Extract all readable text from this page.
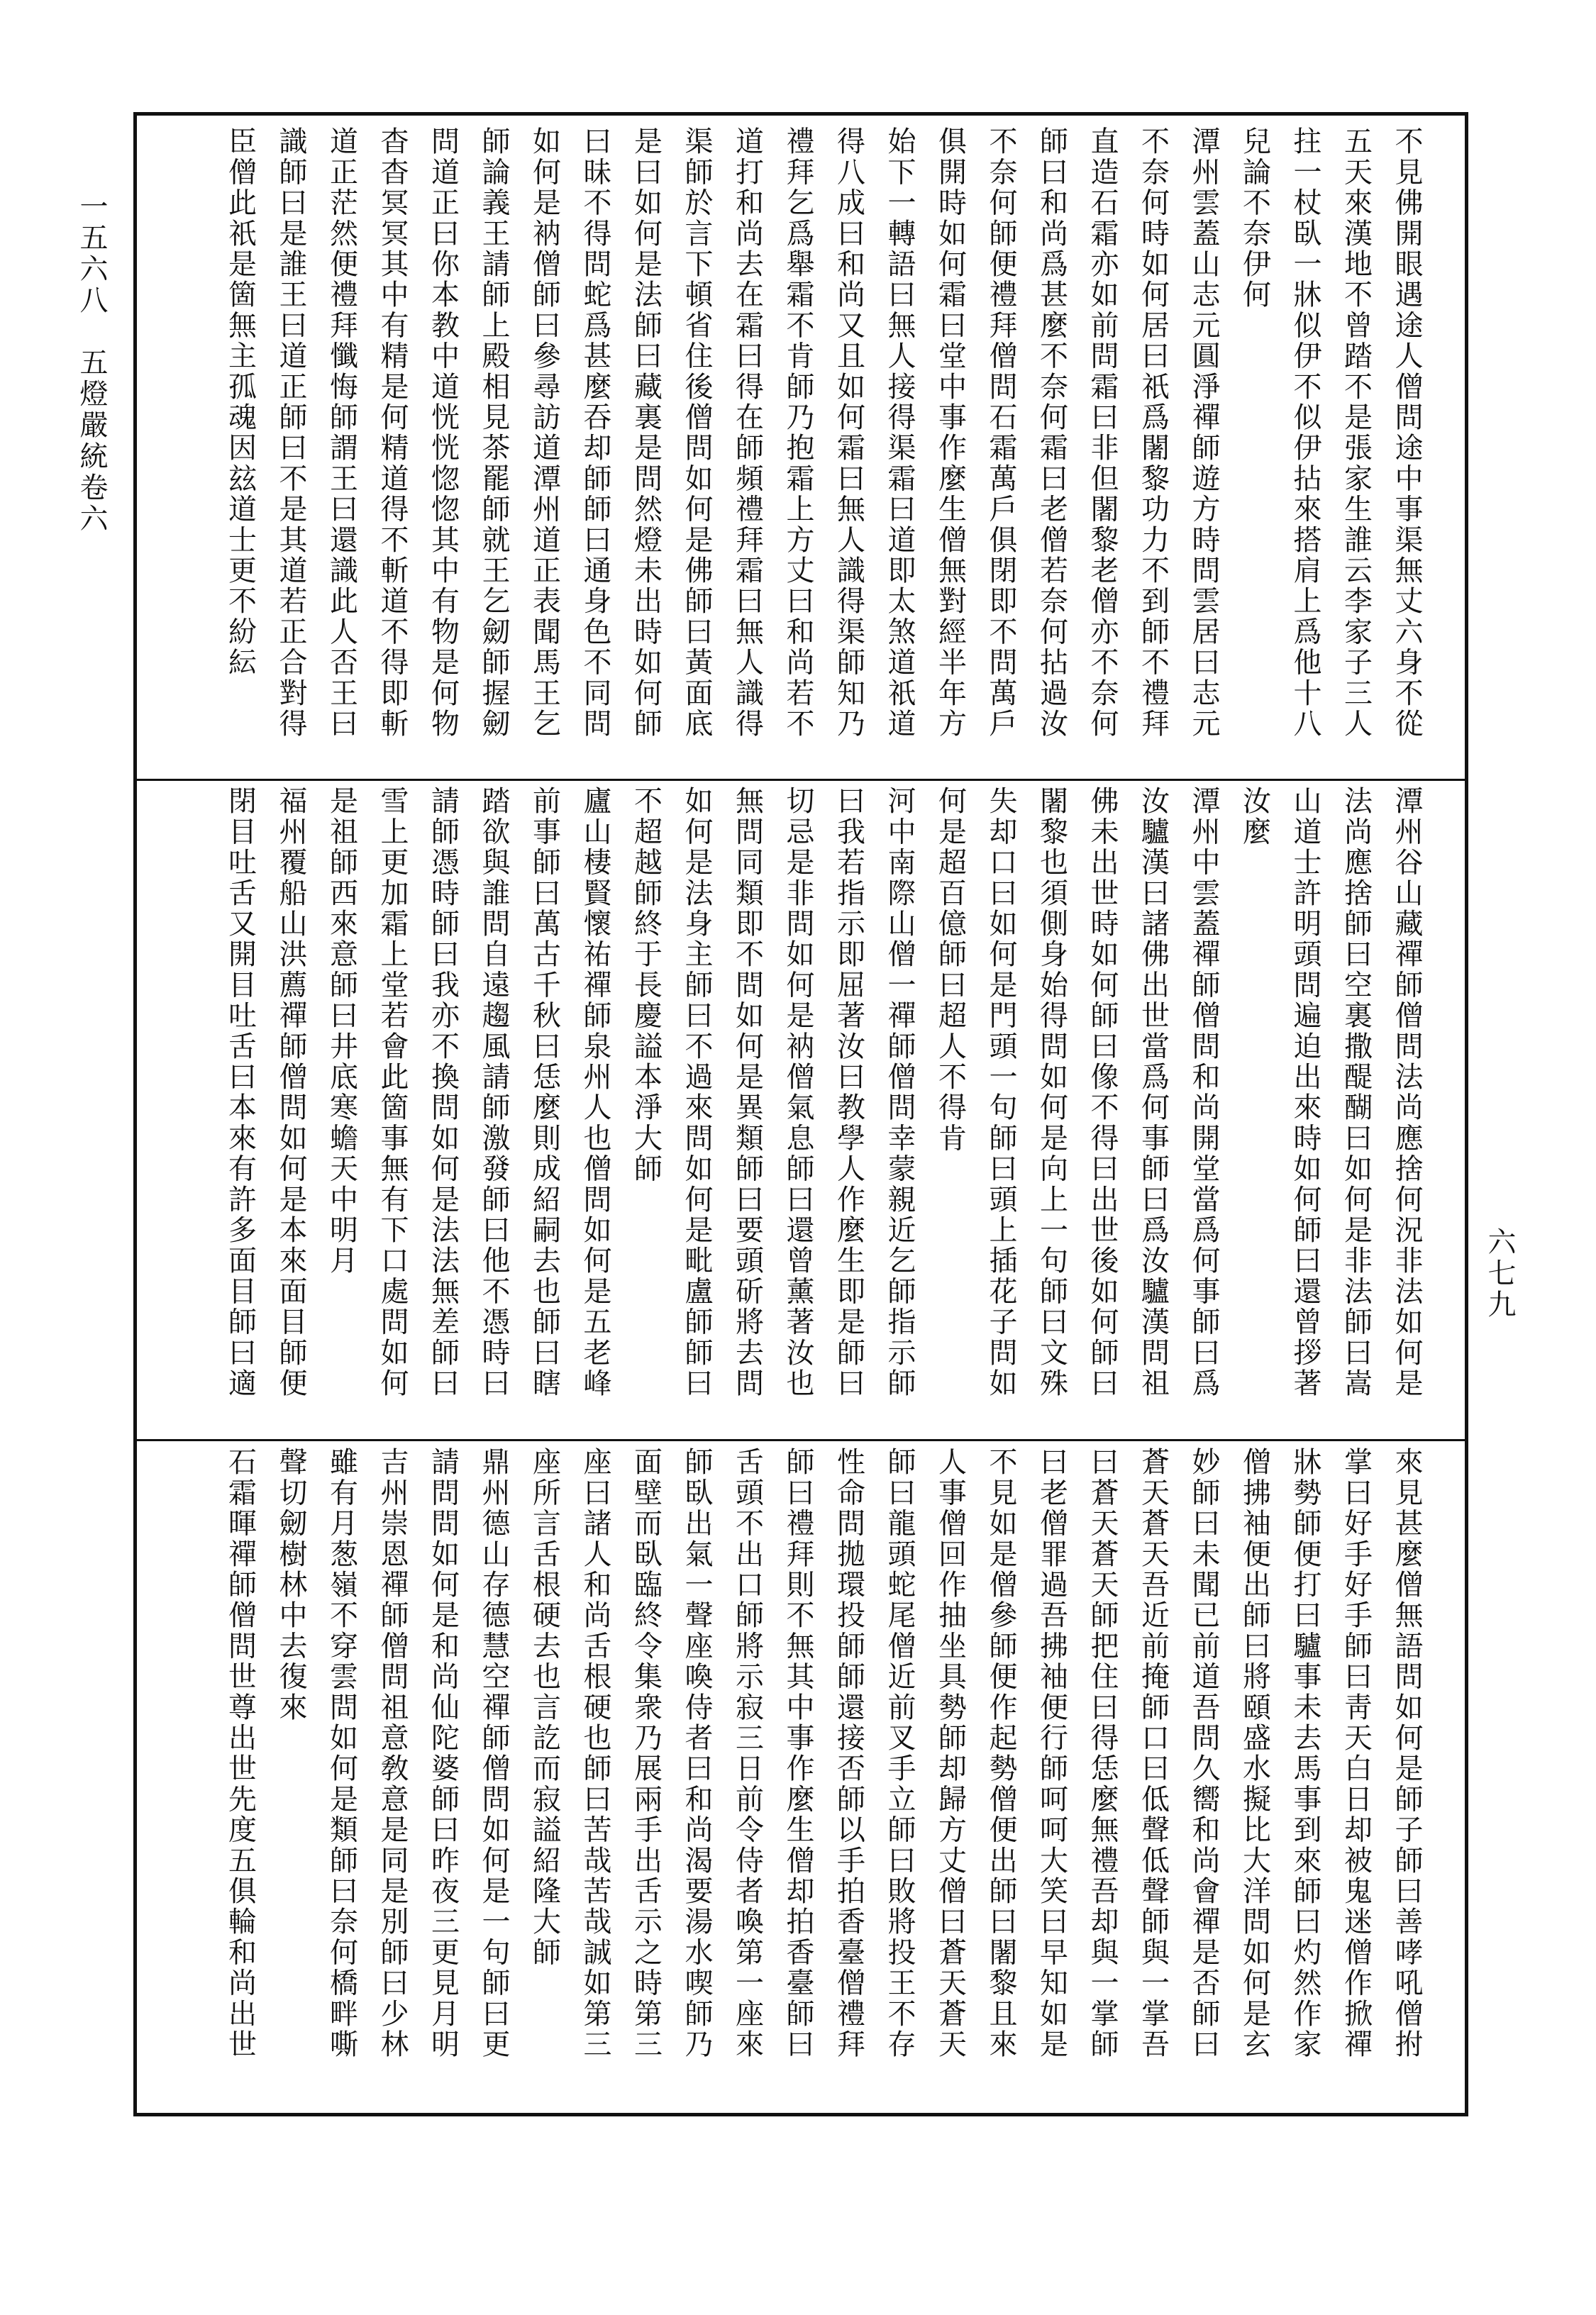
一五六八　五燈嚴統卷六
六七九
不見佛開眼遇途人僧問途中事渠無丈六身不從
五天來漢地不曾踏不是張家生誰云李家子三人
拄一杖臥一牀似伊不似伊拈來搭肩上爲他十八
兒論不奈伊何
潭州雲蓋山志元圓淨禪師遊方時問雲居曰志元
不奈何時如何居曰祇爲闍黎功力不到師不禮拜
直造石霜亦如前問霜曰非但闍黎老僧亦不奈何
師曰和尚爲甚麼不奈何霜曰老僧若奈何拈過汝
不奈何師便禮拜僧問石霜萬戶俱閉即不問萬戶
俱開時如何霜曰堂中事作麼生僧無對經半年方
始下一轉語曰無人接得渠霜曰道即太煞道祇道
得八成曰和尚又且如何霜曰無人識得渠師知乃
禮拜乞爲舉霜不肯師乃抱霜上方丈曰和尚若不
道打和尚去在霜曰得在師頻禮拜霜曰無人識得
渠師於言下頓省住後僧問如何是佛師曰黃面底
是曰如何是法師曰藏裏是問然燈未出時如何師
曰昧不得問蛇爲甚麼吞却師師曰通身色不同問
如何是衲僧師曰參尋訪道潭州道正表聞馬王乞
師論義王請師上殿相見茶罷師就王乞劒師握劒
問道正曰你本教中道恍恍惚惚其中有物是何物
杳杳冥冥其中有精是何精道得不斬道不得即斬
道正茫然便禮拜懺悔師謂王曰還識此人否王曰
識師曰是誰王曰道正師曰不是其道若正合對得
臣僧此祇是箇無主孤魂因玆道士更不紛紜
潭州谷山藏禪師僧問法尚應捨何況非法如何是
法尚應捨師曰空裏撒醍醐曰如何是非法師曰嵩
山道士許明頭問遍迫出來時如何師曰還曾拶著
汝麼
潭州中雲蓋禪師僧問和尚開堂當爲何事師曰爲
汝驢漢曰諸佛出世當爲何事師曰爲汝驢漢問祖
佛未出世時如何師曰像不得曰出世後如何師曰
闍黎也須側身始得問如何是向上一句師曰文殊
失却口曰如何是門頭一句師曰頭上插花子問如
何是超百億師曰超人不得肯
河中南際山僧一禪師僧問幸蒙親近乞師指示師
曰我若指示即屈著汝曰教學人作麼生即是師曰
切忌是非問如何是衲僧氣息師曰還曾薰著汝也
無問同類即不問如何是異類師曰要頭斫將去問
如何是法身主師曰不過來問如何是毗盧師師曰
不超越師終于長慶謚本淨大師
廬山棲賢懷祐禪師泉州人也僧問如何是五老峰
前事師曰萬古千秋曰恁麼則成紹嗣去也師曰瞎
踏欲與誰問自遠趨風請師激發師曰他不憑時曰
請師憑時師曰我亦不換問如何是法法無差師曰
雪上更加霜上堂若會此箇事無有下口處問如何
是祖師西來意師曰井底寒蟾天中明月
福州覆船山洪薦禪師僧問如何是本來面目師便
閉目吐舌又開目吐舌曰本來有許多面目師曰適
來見甚麼僧無語問如何是師子師曰善哮吼僧拊
掌曰好手好手師曰靑天白日却被鬼迷僧作掀禪
牀勢師便打曰驢事未去馬事到來師曰灼然作家
僧拂袖便出師曰將頤盛水擬比大洋問如何是玄
妙師曰未聞已前道吾問久嚮和尚會禪是否師曰
蒼天蒼天吾近前掩師口曰低聲低聲師與一掌吾
曰蒼天蒼天師把住曰得恁麼無禮吾却與一掌師
曰老僧罪過吾拂袖便行師呵呵大笑曰早知如是
不見如是僧參師便作起勢僧便出師曰闍黎且來
人事僧回作抽坐具勢師却歸方丈僧曰蒼天蒼天
師曰龍頭蛇尾僧近前叉手立師曰敗將投王不存
性命問拋環投師師還接否師以手拍香臺僧禮拜
師曰禮拜則不無其中事作麼生僧却拍香臺師曰
舌頭不出口師將示寂三日前令侍者喚第一座來
師臥出氣一聲座喚侍者曰和尚渴要湯水喫師乃
面壁而臥臨終令集衆乃展兩手出舌示之時第三
座曰諸人和尚舌根硬也師曰苦哉苦哉誠如第三
座所言舌根硬去也言訖而寂謚紹隆大師
鼎州德山存德慧空禪師僧問如何是一句師曰更
請問問如何是和尚仙陀婆師曰昨夜三更見月明
吉州崇恩禪師僧問祖意敎意是同是別師曰少林
雖有月葱嶺不穿雲問如何是類師曰奈何橋畔嘶
聲切劒樹林中去復來
石霜暉禪師僧問世尊出世先度五俱輪和尚出世
